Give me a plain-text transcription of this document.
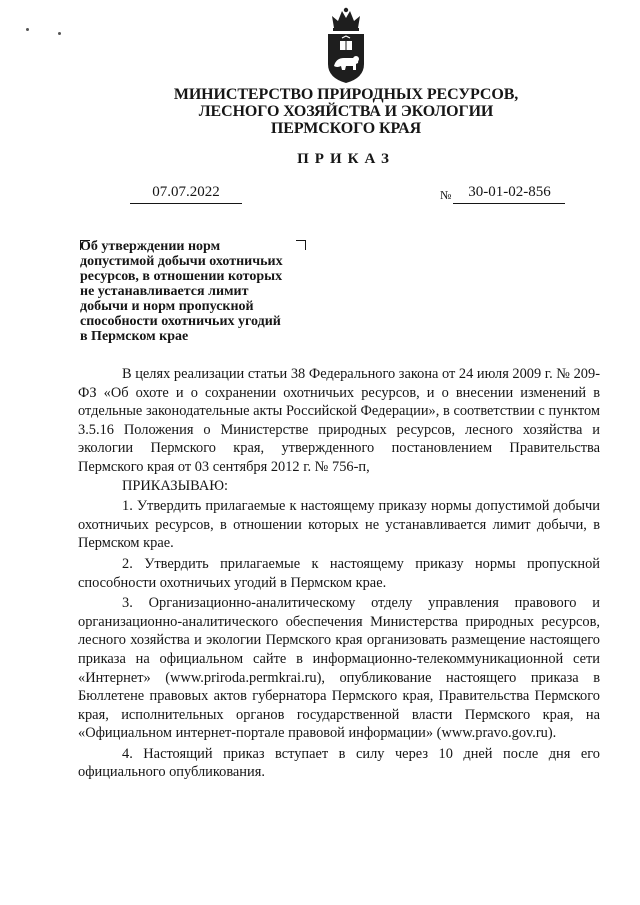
МИНИСТЕРСТВО ПРИРОДНЫХ РЕСУРСОВ,
ЛЕСНОГО ХОЗЯЙСТВА И ЭКОЛОГИИ
ПЕРМСКОГО КРАЯ
ПРИКАЗ
07.07.2022	№ 30-01-02-856
Об утверждении норм
допустимой добычи охотничьих
ресурсов, в отношении которых
не устанавливается лимит
добычи и норм пропускной
способности охотничьих угодий
в Пермском крае

В целях реализации статьи 38 Федерального закона от 24 июля 2009 г. № 209-ФЗ «Об охоте и о сохранении охотничьих ресурсов, и о внесении изменений в отдельные законодательные акты Российской Федерации», в соответствии с пунктом 3.5.16 Положения о Министерстве природных ресурсов, лесного хозяйства и экологии Пермского края, утвержденного постановлением Правительства Пермского края от 03 сентября 2012 г. № 756-п,

ПРИКАЗЫВАЮ:

1. Утвердить прилагаемые к настоящему приказу нормы допустимой добычи охотничьих ресурсов, в отношении которых не устанавливается лимит добычи, в Пермском крае.

2. Утвердить прилагаемые к настоящему приказу нормы пропускной способности охотничьих угодий в Пермском крае.

3. Организационно-аналитическому отделу управления правового и организационно-аналитического обеспечения Министерства природных ресурсов, лесного хозяйства и экологии Пермского края организовать размещение настоящего приказа на официальном сайте в информационно-телекоммуникационной сети «Интернет» (www.priroda.permkrai.ru), опубликование настоящего приказа в Бюллетене правовых актов губернатора Пермского края, Правительства Пермского края, исполнительных органов государственной власти Пермского края, на «Официальном интернет-портале правовой информации» (www.pravo.gov.ru).

4. Настоящий приказ вступает в силу через 10 дней после дня его официального опубликования.
